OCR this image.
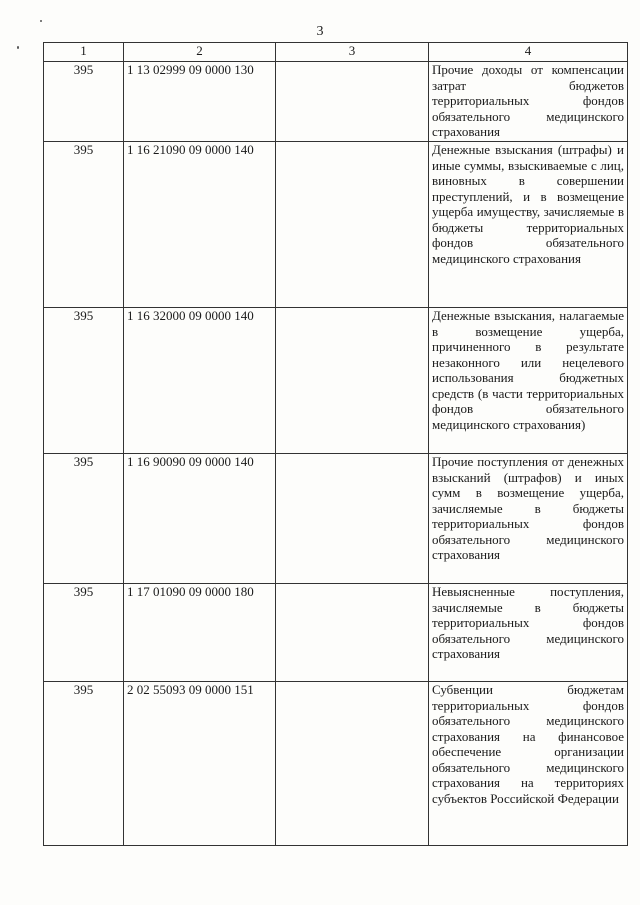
3
1	2	3	4
395	1 13 02999 09 0000 130		Прочие доходы от компенсации затрат бюджетов территориальных фондов обязательного медицинского страхования
395	1 16 21090 09 0000 140		Денежные взыскания (штрафы) и иные суммы, взыскиваемые с лиц, виновных в совершении преступлений, и в возмещение ущерба имуществу, зачисляемые в бюджеты территориальных фондов обязательного медицинского страхования
395	1 16 32000 09 0000 140		Денежные взыскания, налагаемые в возмещение ущерба, причиненного в результате незаконного или нецелевого использования бюджетных средств (в части территориальных фондов обязательного медицинского страхования)
395	1 16 90090 09 0000 140		Прочие поступления от денежных взысканий (штрафов) и иных сумм в возмещение ущерба, зачисляемые в бюджеты территориальных фондов обязательного медицинского страхования
395	1 17 01090 09 0000 180		Невыясненные поступления, зачисляемые в бюджеты территориальных фондов обязательного медицинского страхования
395	2 02 55093 09 0000 151		Субвенции бюджетам территориальных фондов обязательного медицинского страхования на финансовое обеспечение организации обязательного медицинского страхования на территориях субъектов Российской Федерации
